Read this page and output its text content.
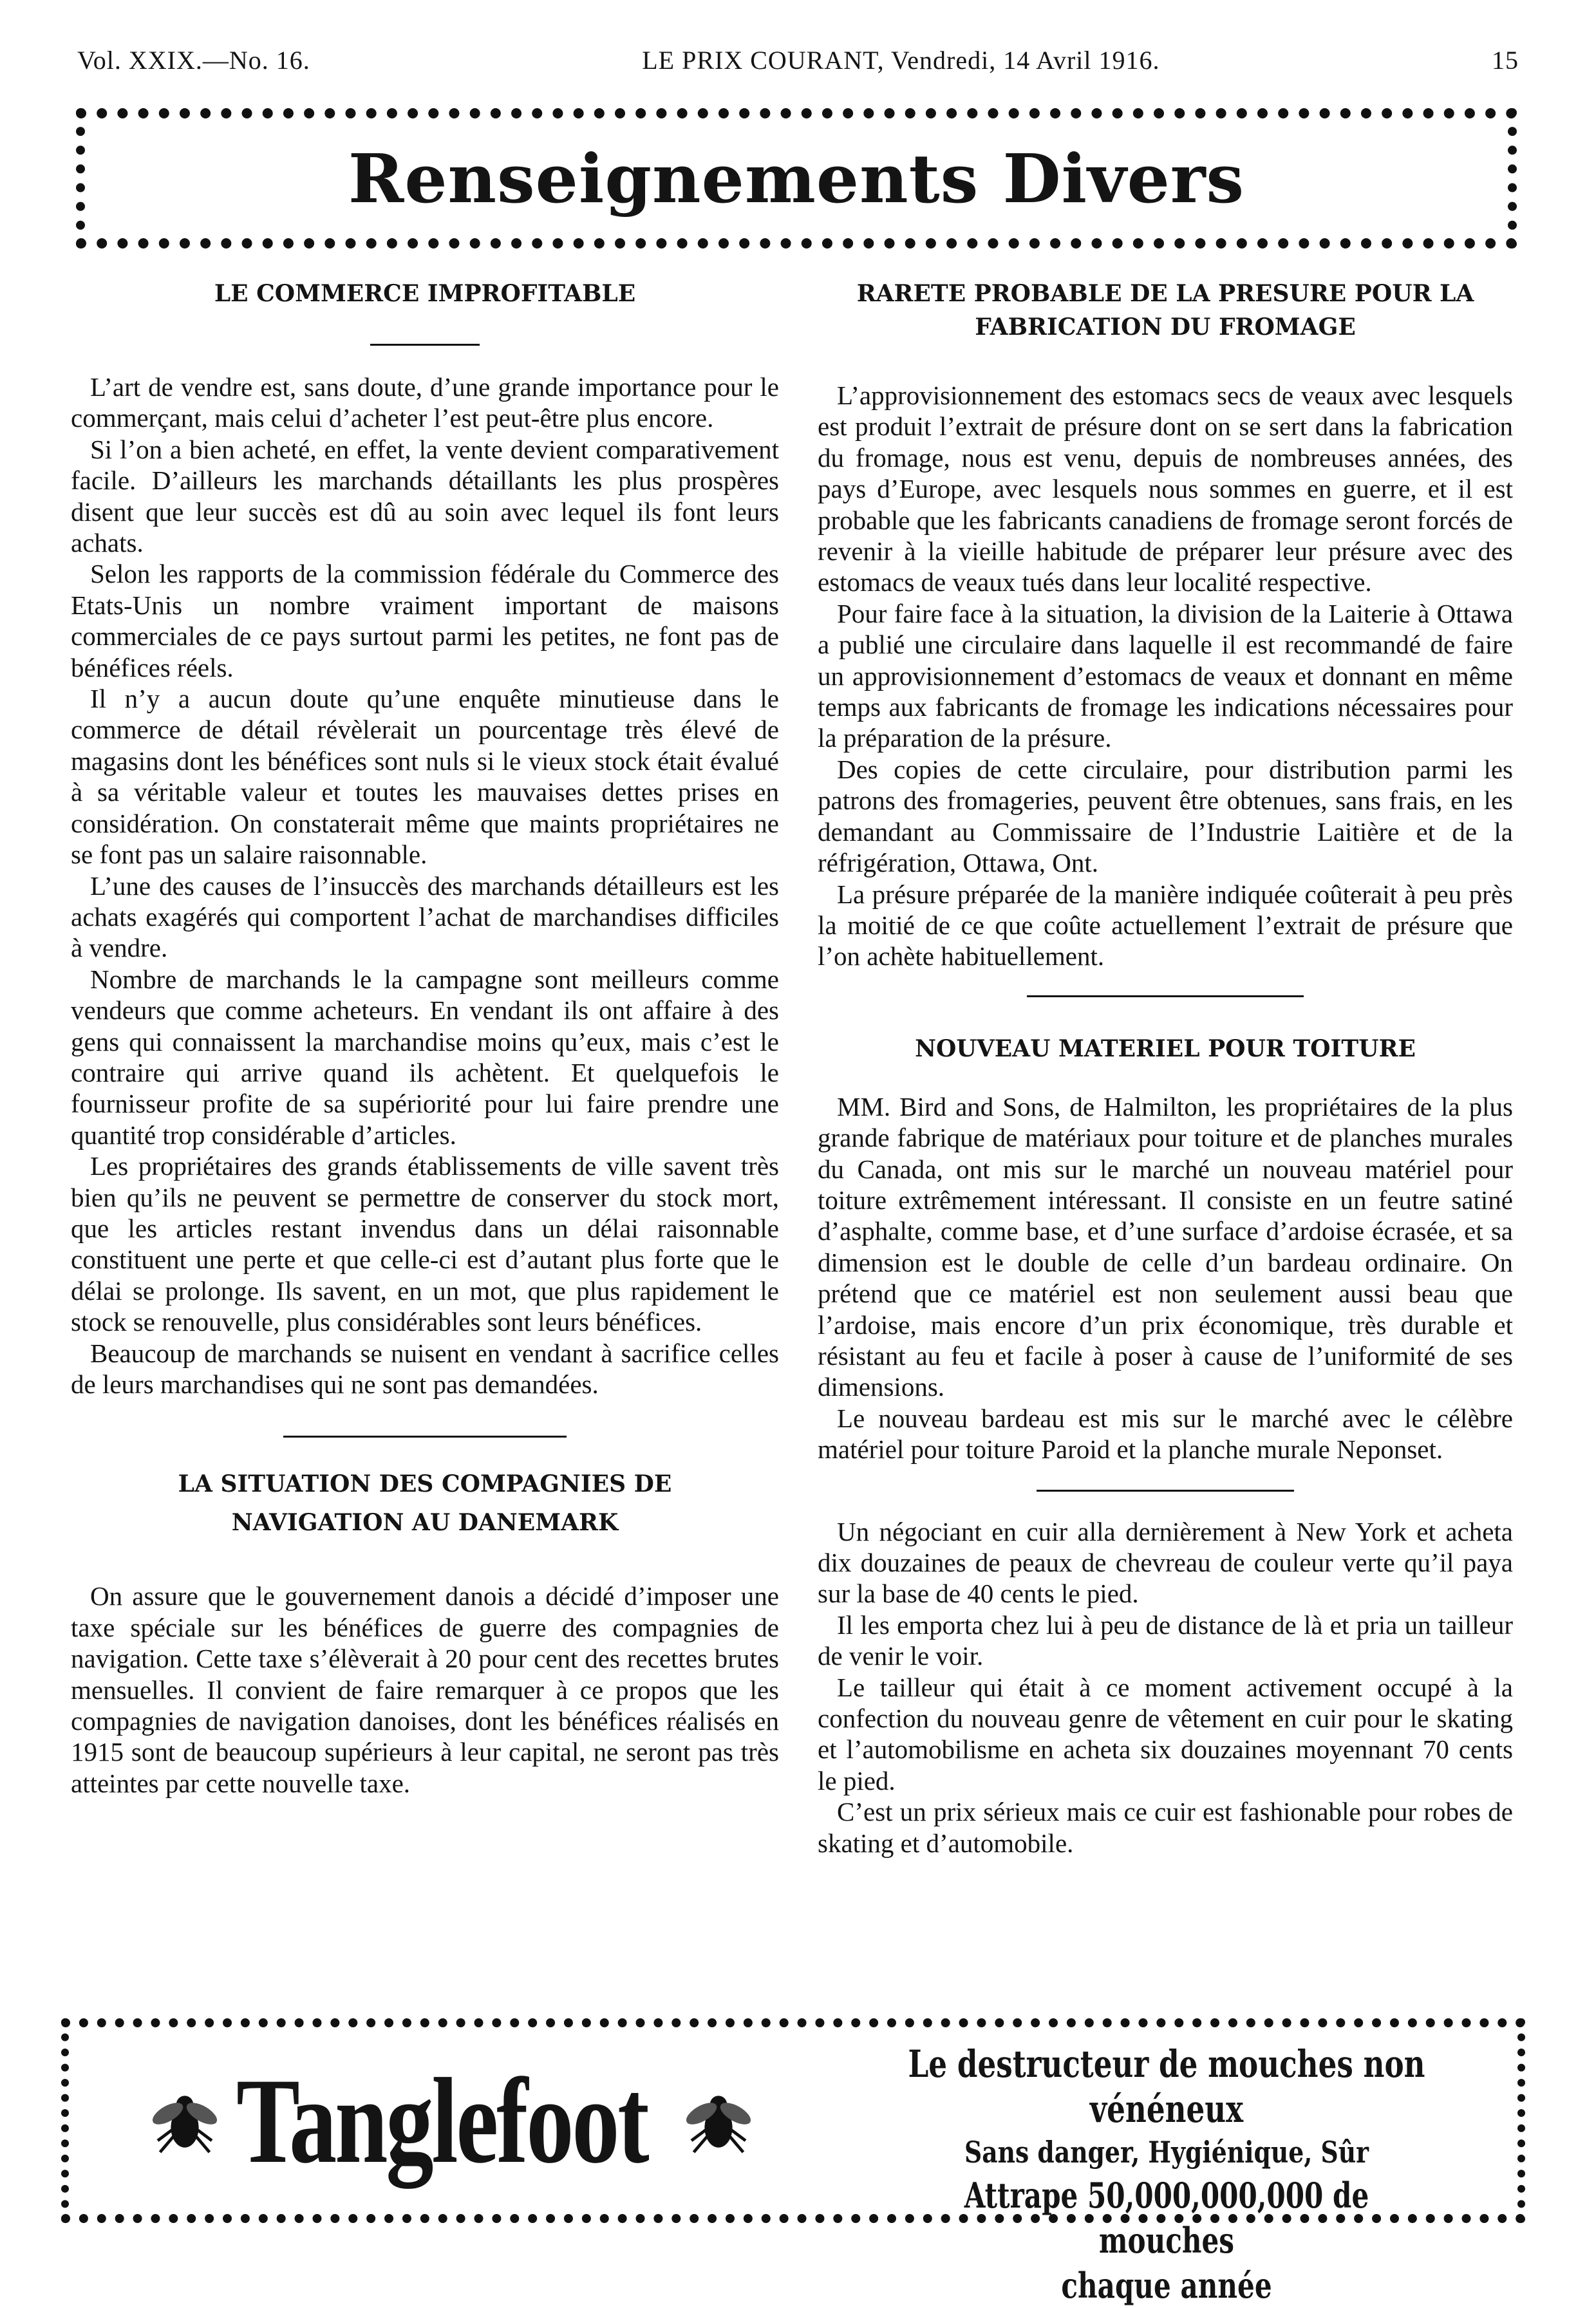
Vol. XXIX.—No. 16.	LE PRIX COURANT, Vendredi, 14 Avril 1916.	15
Renseignements Divers
LE COMMERCE IMPROFITABLE

L’art de vendre est, sans doute, d’une grande importance pour le commerçant, mais celui d’acheter l’est peut-être plus encore.

Si l’on a bien acheté, en effet, la vente devient comparativement facile. D’ailleurs les marchands détaillants les plus prospères disent que leur succès est dû au soin avec lequel ils font leurs achats.

Selon les rapports de la commission fédérale du Commerce des Etats-Unis un nombre vraiment important de maisons commerciales de ce pays surtout parmi les petites, ne font pas de bénéfices réels.

Il n’y a aucun doute qu’une enquête minutieuse dans le commerce de détail révèlerait un pourcentage très élevé de magasins dont les bénéfices sont nuls si le vieux stock était évalué à sa véritable valeur et toutes les mauvaises dettes prises en considération. On constaterait même que maints propriétaires ne se font pas un salaire raisonnable.

L’une des causes de l’insuccès des marchands détailleurs est les achats exagérés qui comportent l’achat de marchandises difficiles à vendre.

Nombre de marchands le la campagne sont meilleurs comme vendeurs que comme acheteurs. En vendant ils ont affaire à des gens qui connaissent la marchandise moins qu’eux, mais c’est le contraire qui arrive quand ils achètent. Et quelquefois le fournisseur profite de sa supériorité pour lui faire prendre une quantité trop considérable d’articles.

Les propriétaires des grands établissements de ville savent très bien qu’ils ne peuvent se permettre de conserver du stock mort, que les articles restant invendus dans un délai raisonnable constituent une perte et que celle-ci est d’autant plus forte que le délai se prolonge. Ils savent, en un mot, que plus rapidement le stock se renouvelle, plus considérables sont leurs bénéfices.

Beaucoup de marchands se nuisent en vendant à sacrifice celles de leurs marchandises qui ne sont pas demandées.

LA SITUATION DES COMPAGNIES DE NAVIGATION AU DANEMARK

On assure que le gouvernement danois a décidé d’imposer une taxe spéciale sur les bénéfices de guerre des compagnies de navigation. Cette taxe s’élèverait à 20 pour cent des recettes brutes mensuelles. Il convient de faire remarquer à ce propos que les compagnies de navigation danoises, dont les bénéfices réalisés en 1915 sont de beaucoup supérieurs à leur capital, ne seront pas très atteintes par cette nouvelle taxe.

RARETE PROBABLE DE LA PRESURE POUR LA FABRICATION DU FROMAGE

L’approvisionnement des estomacs secs de veaux avec lesquels est produit l’extrait de présure dont on se sert dans la fabrication du fromage, nous est venu, depuis de nombreuses années, des pays d’Europe, avec lesquels nous sommes en guerre, et il est probable que les fabricants canadiens de fromage seront forcés de revenir à la vieille habitude de préparer leur présure avec des estomacs de veaux tués dans leur localité respective.

Pour faire face à la situation, la division de la Laiterie à Ottawa a publié une circulaire dans laquelle il est recommandé de faire un approvisionnement d’estomacs de veaux et donnant en même temps aux fabricants de fromage les indications nécessaires pour la préparation de la présure.

Des copies de cette circulaire, pour distribution parmi les patrons des fromageries, peuvent être obtenues, sans frais, en les demandant au Commissaire de l’Industrie Laitière et de la réfrigération, Ottawa, Ont.

La présure préparée de la manière indiquée coûterait à peu près la moitié de ce que coûte actuellement l’extrait de présure que l’on achète habituellement.

NOUVEAU MATERIEL POUR TOITURE

MM. Bird and Sons, de Halmilton, les propriétaires de la plus grande fabrique de matériaux pour toiture et de planches murales du Canada, ont mis sur le marché un nouveau matériel pour toiture extrêmement intéressant. Il consiste en un feutre satiné d’asphalte, comme base, et d’une surface d’ardoise écrasée, et sa dimension est le double de celle d’un bardeau ordinaire. On prétend que ce matériel est non seulement aussi beau que l’ardoise, mais encore d’un prix économique, très durable et résistant au feu et facile à poser à cause de l’uniformité de ses dimensions.

Le nouveau bardeau est mis sur le marché avec le célèbre matériel pour toiture Paroid et la planche murale Neponset.

Un négociant en cuir alla dernièrement à New York et acheta dix douzaines de peaux de chevreau de couleur verte qu’il paya sur la base de 40 cents le pied.

Il les emporta chez lui à peu de distance de là et pria un tailleur de venir le voir.

Le tailleur qui était à ce moment activement occupé à la confection du nouveau genre de vêtement en cuir pour le skating et l’automobilisme en acheta six douzaines moyennant 70 cents le pied.

C’est un prix sérieux mais ce cuir est fashionable pour robes de skating et d’automobile.

Tanglefoot	Le destructeur de mouches non vénéneux
Sans danger, Hygiénique, Sûr
Attrape 50,000,000,000 de mouches
chaque année
